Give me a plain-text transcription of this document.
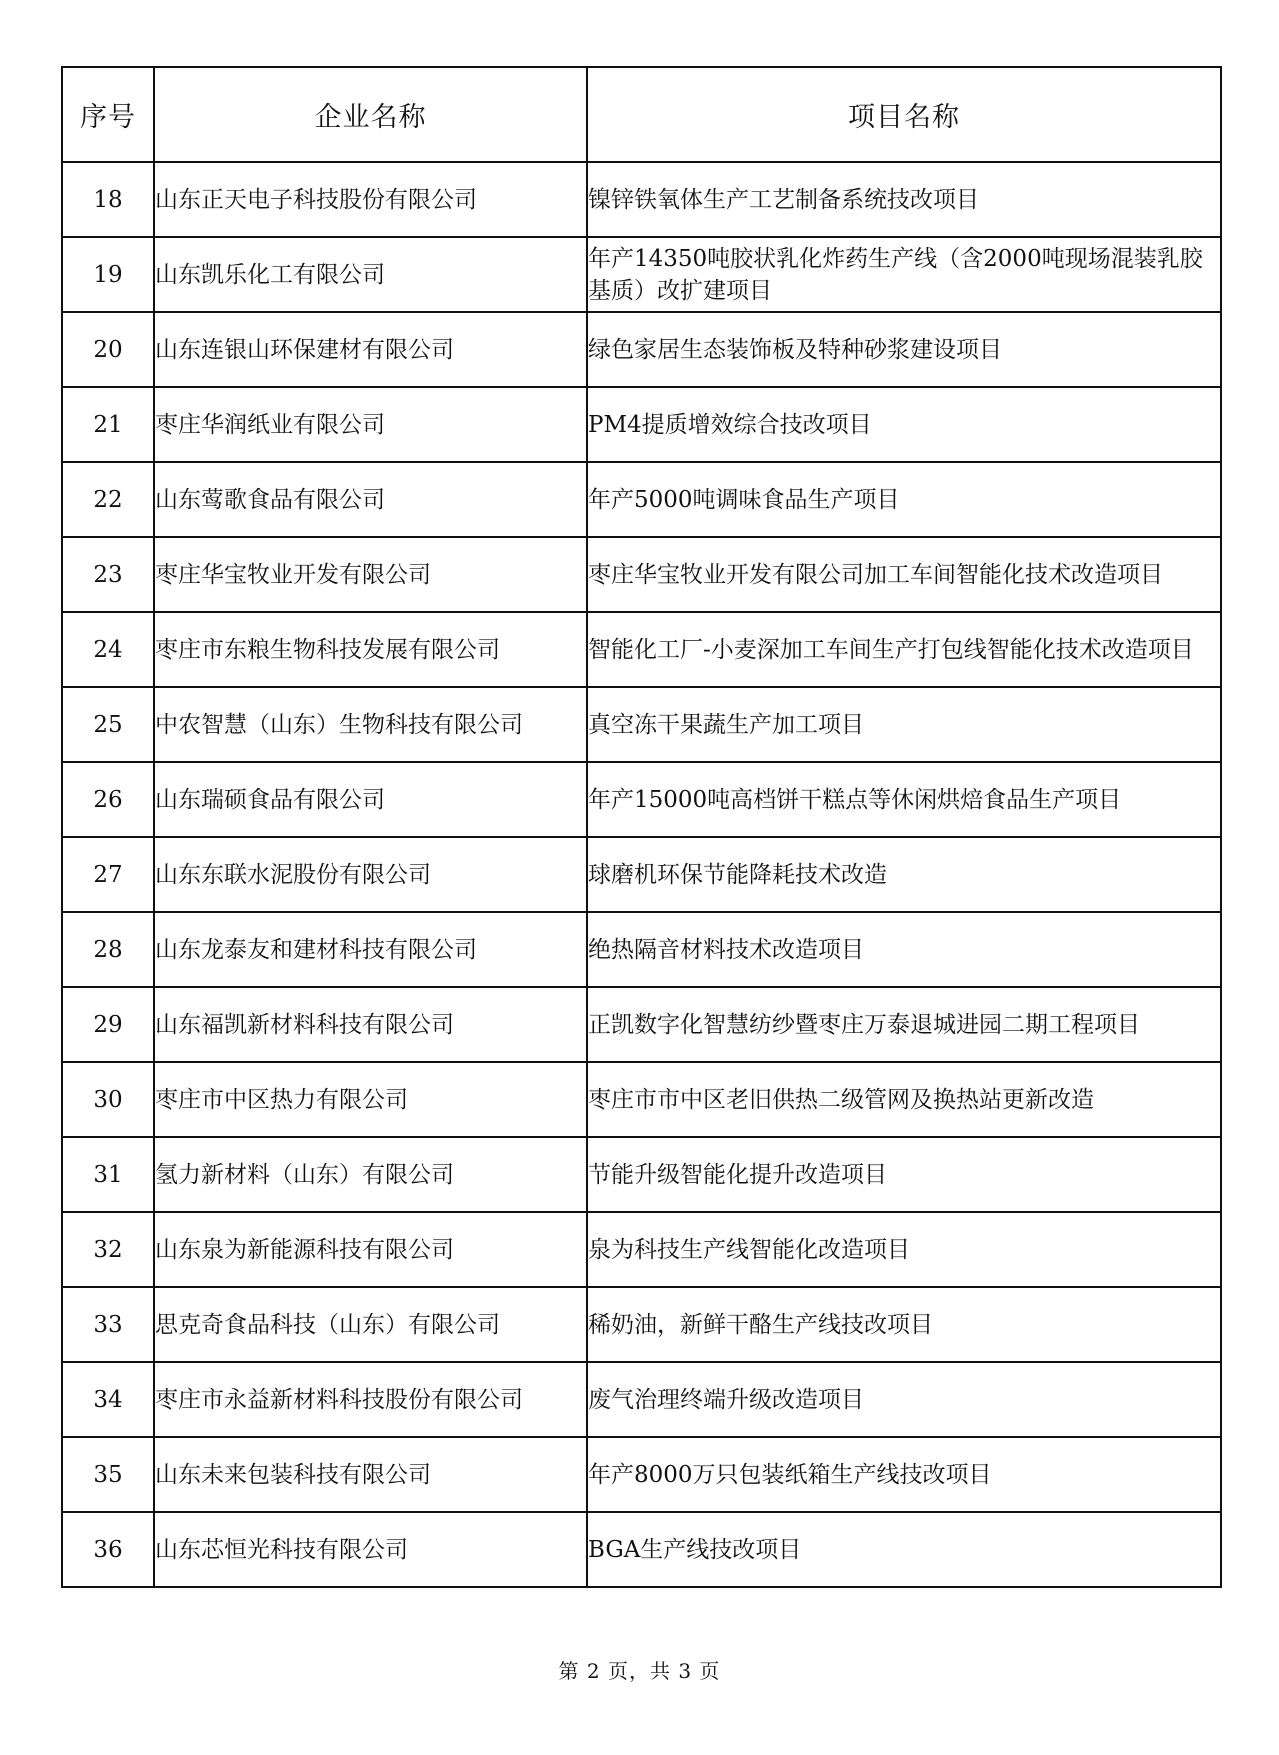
序号	企业名称	项目名称
18	山东正天电子科技股份有限公司	镍锌铁氧体生产工艺制备系统技改项目
19	山东凯乐化工有限公司	年产14350吨胶状乳化炸药生产线（含2000吨现场混装乳胶基质）改扩建项目
20	山东连银山环保建材有限公司	绿色家居生态装饰板及特种砂浆建设项目
21	枣庄华润纸业有限公司	PM4提质增效综合技改项目
22	山东莺歌食品有限公司	年产5000吨调味食品生产项目
23	枣庄华宝牧业开发有限公司	枣庄华宝牧业开发有限公司加工车间智能化技术改造项目
24	枣庄市东粮生物科技发展有限公司	智能化工厂-小麦深加工车间生产打包线智能化技术改造项目
25	中农智慧（山东）生物科技有限公司	真空冻干果蔬生产加工项目
26	山东瑞硕食品有限公司	年产15000吨高档饼干糕点等休闲烘焙食品生产项目
27	山东东联水泥股份有限公司	球磨机环保节能降耗技术改造
28	山东龙泰友和建材科技有限公司	绝热隔音材料技术改造项目
29	山东福凯新材料科技有限公司	正凯数字化智慧纺纱暨枣庄万泰退城进园二期工程项目
30	枣庄市中区热力有限公司	枣庄市市中区老旧供热二级管网及换热站更新改造
31	氢力新材料（山东）有限公司	节能升级智能化提升改造项目
32	山东泉为新能源科技有限公司	泉为科技生产线智能化改造项目
33	思克奇食品科技（山东）有限公司	稀奶油，新鲜干酪生产线技改项目
34	枣庄市永益新材料科技股份有限公司	废气治理终端升级改造项目
35	山东未来包装科技有限公司	年产8000万只包装纸箱生产线技改项目
36	山东芯恒光科技有限公司	BGA生产线技改项目
第 2 页，共 3 页
